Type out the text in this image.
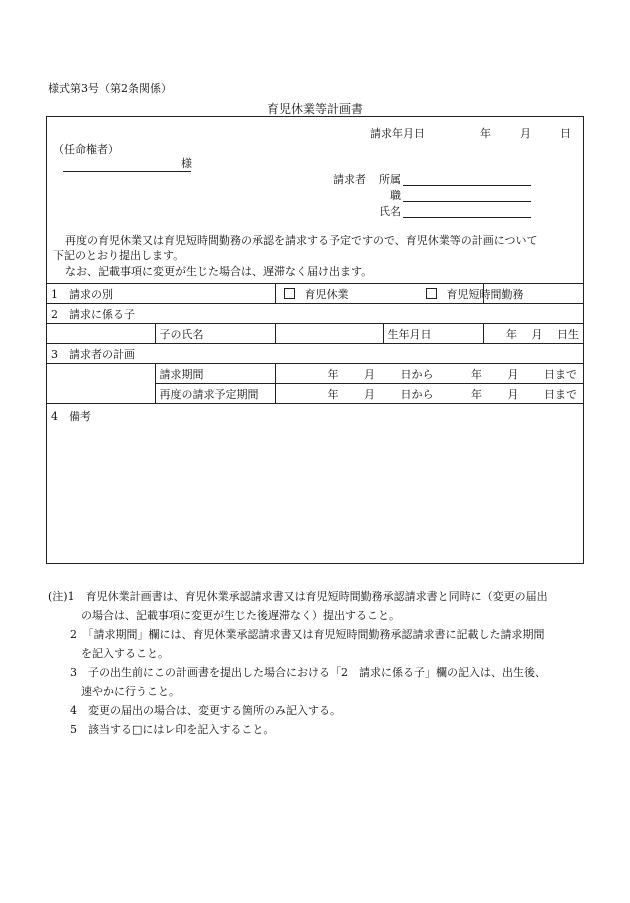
様式第3号（第2条関係）
育児休業等計画書
請求年月日	年	月	日
（任命権者）
様
請求者 所属
職
氏名
再度の育児休業又は育児短時間勤務の承認を請求する予定ですので、育児休業等の計画について
下記のとおり提出します。
なお、記載事項に変更が生じた場合は、遅滞なく届け出ます。
1　請求の別		育児休業		育児短時間勤務
2　請求に係る子				
	子の氏名		生年月日	年　 月　 日生
3　請求者の計画				
	請求期間	年 月 日から 年 月 日まで		
	再度の請求予定期間	年 月 日から 年 月 日まで		
4　備考				
(注)1　育児休業計画書は、育児休業承認請求書又は育児短時間勤務承認請求書と同時に（変更の届出
　　　の場合は、記載事項に変更が生じた後遅滞なく）提出すること。
　　2　「請求期間」欄には、育児休業承認請求書又は育児短時間勤務承認請求書に記載した請求期間
　　　を記入すること。
　　3　子の出生前にこの計画書を提出した場合における「2　請求に係る子」欄の記入は、出生後、
　　　速やかに行うこと。
　　4　変更の届出の場合は、変更する箇所のみ記入する。
　　5　該当する□にはレ印を記入すること。
